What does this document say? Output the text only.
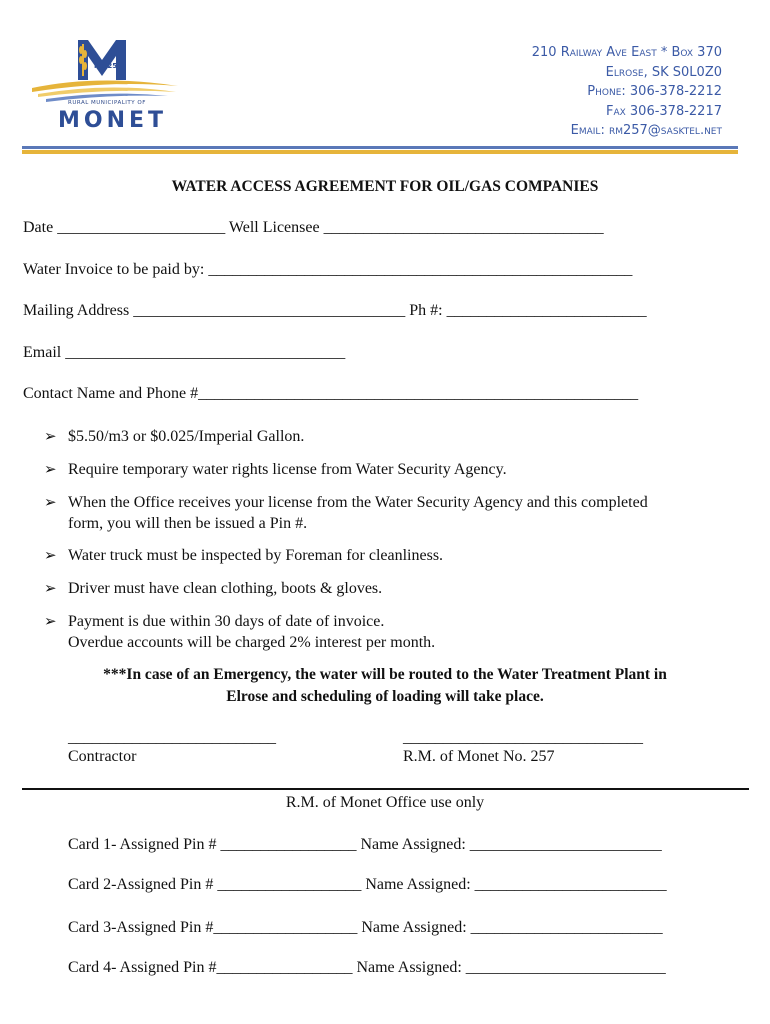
No.257
RURAL MUNICIPALITY OF
MONET
210 Railway Ave East * Box 370
Elrose, SK S0L0Z0
Phone: 306-378-2212
Fax 306-378-2217
Email: rm257@sasktel.net
WATER ACCESS AGREEMENT FOR OIL/GAS COMPANIES
Date _____________________ Well Licensee ___________________________________
Water Invoice to be paid by: _____________________________________________________
Mailing Address __________________________________ Ph #: _________________________
Email ___________________________________
Contact Name and Phone #_______________________________________________________
➢ $5.50/m3 or $0.025/Imperial Gallon.
➢ Require temporary water rights license from Water Security Agency.
➢ When the Office receives your license from the Water Security Agency and this completed
form, you will then be issued a Pin #.
➢ Water truck must be inspected by Foreman for cleanliness.
➢ Driver must have clean clothing, boots & gloves.
➢ Payment is due within 30 days of date of invoice.
Overdue accounts will be charged 2% interest per month.
***In case of an Emergency, the water will be routed to the Water Treatment Plant in
Elrose and scheduling of loading will take place.
__________________________
Contractor
______________________________
R.M. of Monet No. 257
R.M. of Monet Office use only
Card 1- Assigned Pin # _________________ Name Assigned: ________________________
Card 2-Assigned Pin # __________________ Name Assigned: ________________________
Card 3-Assigned Pin #__________________ Name Assigned: ________________________
Card 4- Assigned Pin #_________________ Name Assigned: _________________________
